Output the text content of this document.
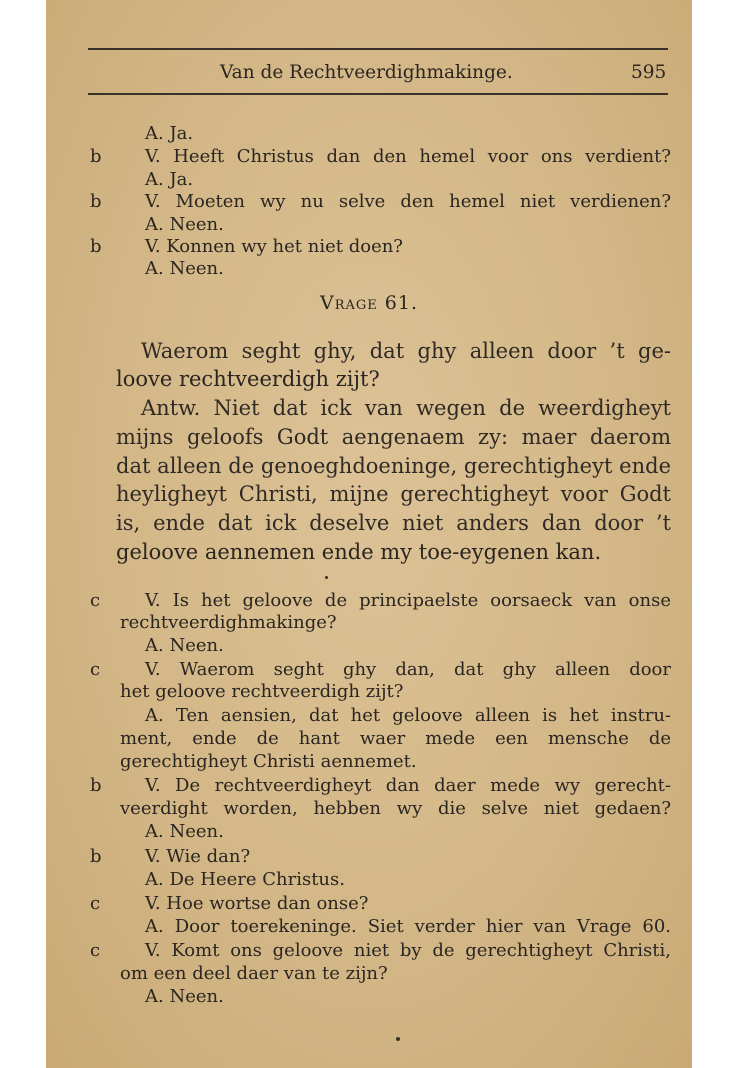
Van de Rechtveerdighmakinge.	595
b
b
b
A. Ja.
V. Heeft Christus dan den hemel voor ons verdient?
A. Ja.
V. Moeten wy nu selve den hemel niet verdienen?
A. Neen.
V. Konnen wy het niet doen?
A. Neen.
Vrage 61.
Waerom seght ghy, dat ghy alleen door ’t ge-
loove rechtveerdigh zijt?
Antw. Niet dat ick van wegen de weerdigheyt
mijns geloofs Godt aengenaem zy: maer daerom
dat alleen de genoeghdoeninge, gerechtigheyt ende
heyligheyt Christi, mijne gerechtigheyt voor Godt
is, ende dat ick deselve niet anders dan door ’t
geloove aennemen ende my toe-eygenen kan.
c V. Is het geloove de principaelste oorsaeck van onse
rechtveerdighmakinge?
A. Neen.
c V. Waerom seght ghy dan, dat ghy alleen door
het geloove rechtveerdigh zijt?
A. Ten aensien, dat het geloove alleen is het instru-
ment, ende de hant waer mede een mensche de
gerechtigheyt Christi aennemet.
b V. De rechtveerdigheyt dan daer mede wy gerecht-
veerdight worden, hebben wy die selve niet gedaen?
A. Neen.
b V. Wie dan?
A. De Heere Christus.
c V. Hoe wortse dan onse?
A. Door toerekeninge. Siet verder hier van Vrage 60.
c V. Komt ons geloove niet by de gerechtigheyt Christi,
om een deel daer van te zijn?
A. Neen.
